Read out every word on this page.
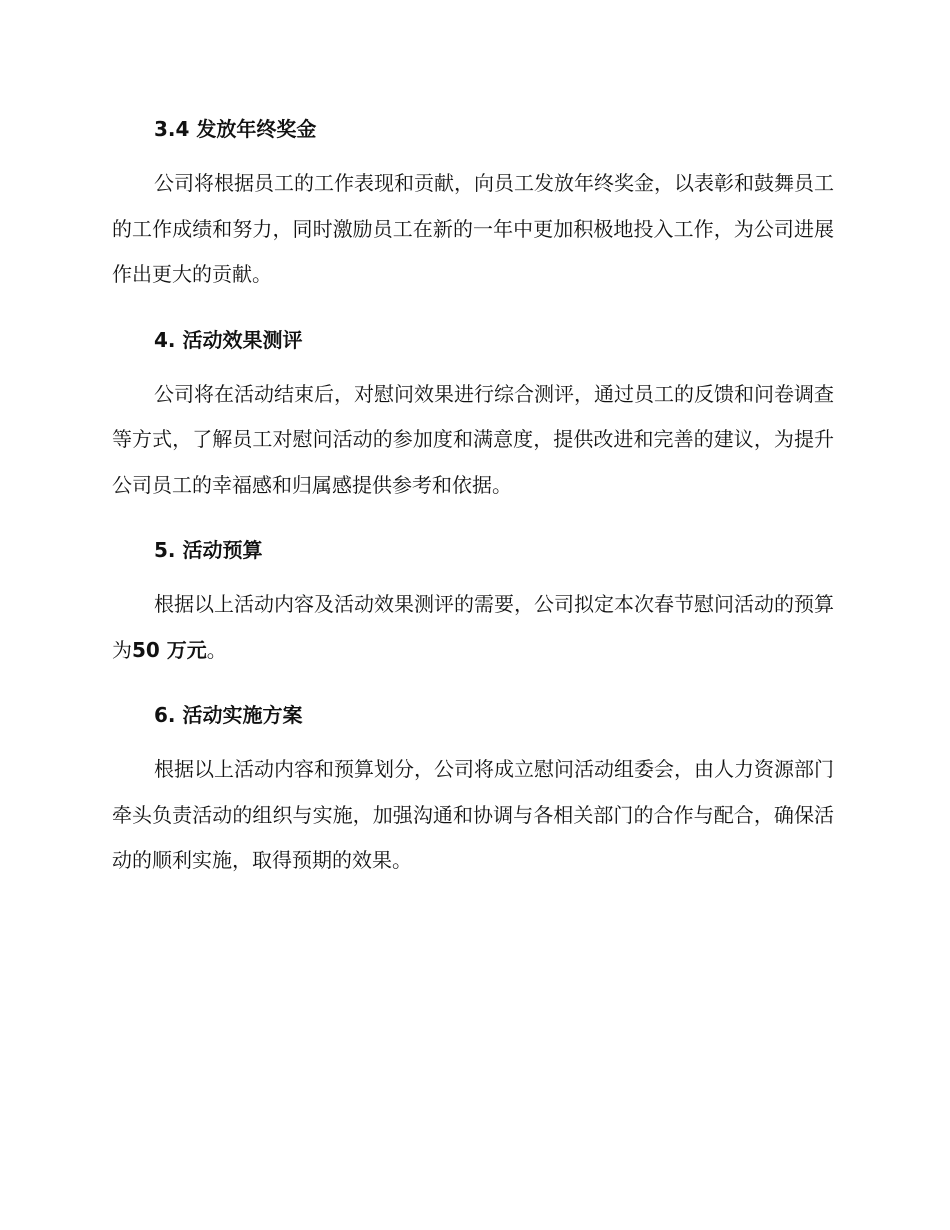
3.4 发放年终奖金

公司将根据员工的工作表现和贡献，向员工发放年终奖金，以表彰和鼓舞员工的工作成绩和努力，同时激励员工在新的一年中更加积极地投入工作，为公司进展作出更大的贡献。

4. 活动效果测评

公司将在活动结束后，对慰问效果进行综合测评，通过员工的反馈和问卷调查等方式，了解员工对慰问活动的参加度和满意度，提供改进和完善的建议，为提升公司员工的幸福感和归属感提供参考和依据。

5. 活动预算

根据以上活动内容及活动效果测评的需要，公司拟定本次春节慰问活动的预算为50 万元。

6. 活动实施方案

根据以上活动内容和预算划分，公司将成立慰问活动组委会，由人力资源部门牵头负责活动的组织与实施，加强沟通和协调与各相关部门的合作与配合，确保活动的顺利实施，取得预期的效果。
